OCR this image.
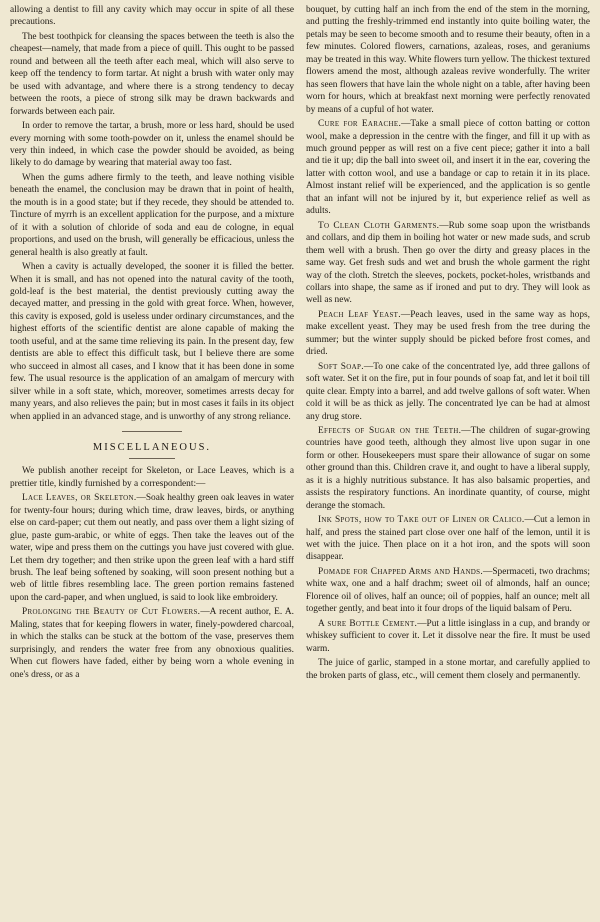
allowing a dentist to fill any cavity which may occur in spite of all these precautions.

The best toothpick for cleansing the spaces between the teeth is also the cheapest—namely, that made from a piece of quill. This ought to be passed round and between all the teeth after each meal, which will also serve to keep off the tendency to form tartar. At night a brush with water only may be used with advantage, and where there is a strong tendency to decay between the roots, a piece of strong silk may be drawn backwards and forwards between each pair.

In order to remove the tartar, a brush, more or less hard, should be used every morning with some tooth-powder on it, unless the enamel should be very thin indeed, in which case the powder should be avoided, as being likely to do damage by wearing that material away too fast.

When the gums adhere firmly to the teeth, and leave nothing visible beneath the enamel, the conclusion may be drawn that in point of health, the mouth is in a good state; but if they recede, they should be attended to. Tincture of myrrh is an excellent application for the purpose, and a mixture of it with a solution of chloride of soda and eau de cologne, in equal proportions, and used on the brush, will generally be efficacious, unless the general health is also greatly at fault.

When a cavity is actually developed, the sooner it is filled the better. When it is small, and has not opened into the natural cavity of the tooth, gold-leaf is the best material, the dentist previously cutting away the decayed matter, and pressing in the gold with great force. When, however, this cavity is exposed, gold is useless under ordinary circumstances, and the highest efforts of the scientific dentist are alone capable of making the tooth useful, and at the same time relieving its pain. In the present day, few dentists are able to effect this difficult task, but I believe there are some who succeed in almost all cases, and I know that it has been done in some few. The usual resource is the application of an amalgam of mercury with silver while in a soft state, which, moreover, sometimes arrests decay for many years, and also relieves the pain; but in most cases it fails in its object when applied in an advanced stage, and is unworthy of any strong reliance.

MISCELLANEOUS.

We publish another receipt for Skeleton, or Lace Leaves, which is a prettier title, kindly furnished by a correspondent:—

Lace Leaves, or Skeleton.—Soak healthy green oak leaves in water for twenty-four hours; during which time, draw leaves, birds, or anything else on card-paper; cut them out neatly, and pass over them a light sizing of glue, paste gum-arabic, or white of eggs. Then take the leaves out of the water, wipe and press them on the cuttings you have just covered with glue. Let them dry together; and then strike upon the green leaf with a hard stiff brush. The leaf being softened by soaking, will soon present nothing but a web of little fibres resembling lace. The green portion remains fastened upon the card-paper, and when unglued, is said to look like embroidery.

Prolonging the Beauty of Cut Flowers.—A recent author, E. A. Maling, states that for keeping flowers in water, finely-powdered charcoal, in which the stalks can be stuck at the bottom of the vase, preserves them surprisingly, and renders the water free from any obnoxious qualities. When cut flowers have faded, either by being worn a whole evening in one's dress, or as a

bouquet, by cutting half an inch from the end of the stem in the morning, and putting the freshly-trimmed end instantly into quite boiling water, the petals may be seen to become smooth and to resume their beauty, often in a few minutes. Colored flowers, carnations, azaleas, roses, and geraniums may be treated in this way. White flowers turn yellow. The thickest textured flowers amend the most, although azaleas revive wonderfully. The writer has seen flowers that have lain the whole night on a table, after having been worn for hours, which at breakfast next morning were perfectly renovated by means of a cupful of hot water.

Cure for Earache.—Take a small piece of cotton batting or cotton wool, make a depression in the centre with the finger, and fill it up with as much ground pepper as will rest on a five cent piece; gather it into a ball and tie it up; dip the ball into sweet oil, and insert it in the ear, covering the latter with cotton wool, and use a bandage or cap to retain it in its place. Almost instant relief will be experienced, and the application is so gentle that an infant will not be injured by it, but experience relief as well as adults.

To Clean Cloth Garments.—Rub some soap upon the wristbands and collars, and dip them in boiling hot water or new made suds, and scrub them well with a brush. Then go over the dirty and greasy places in the same way. Get fresh suds and wet and brush the whole garment the right way of the cloth. Stretch the sleeves, pockets, pocket-holes, wristbands and collars into shape, the same as if ironed and put to dry. They will look as well as new.

Peach Leaf Yeast.—Peach leaves, used in the same way as hops, make excellent yeast. They may be used fresh from the tree during the summer; but the winter supply should be picked before frost comes, and dried.

Soft Soap.—To one cake of the concentrated lye, add three gallons of soft water. Set it on the fire, put in four pounds of soap fat, and let it boil till quite clear. Empty into a barrel, and add twelve gallons of soft water. When cold it will be as thick as jelly. The concentrated lye can be had at almost any drug store.

Effects of Sugar on the Teeth.—The children of sugar-growing countries have good teeth, although they almost live upon sugar in one form or other. Housekeepers must spare their allowance of sugar on some other ground than this. Children crave it, and ought to have a liberal supply, as it is a highly nutritious substance. It has also balsamic properties, and assists the respiratory functions. An inordinate quantity, of course, might derange the stomach.

Ink Spots, how to Take out of Linen or Calico.—Cut a lemon in half, and press the stained part close over one half of the lemon, until it is wet with the juice. Then place on it a hot iron, and the spots will soon disappear.

Pomade for Chapped Arms and Hands.—Spermaceti, two drachms; white wax, one and a half drachm; sweet oil of almonds, half an ounce; Florence oil of olives, half an ounce; oil of poppies, half an ounce; melt all together gently, and beat into it four drops of the liquid balsam of Peru.

A sure Bottle Cement.—Put a little isinglass in a cup, and brandy or whiskey sufficient to cover it. Let it dissolve near the fire. It must be used warm.

The juice of garlic, stamped in a stone mortar, and carefully applied to the broken parts of glass, etc., will cement them closely and permanently.
